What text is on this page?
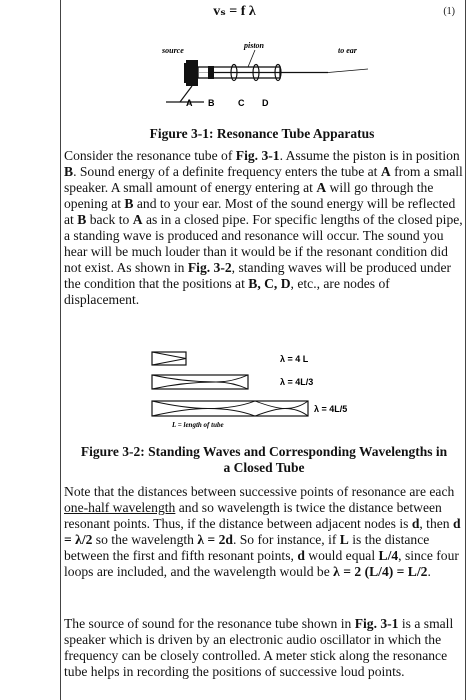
vₛ = f λ	(1)
source
piston
to ear
A B	C D
Figure 3-1: Resonance Tube Apparatus
Consider the resonance tube of Fig. 3-1. Assume the piston is in position B. Sound energy of a definite frequency enters the tube at A from a small speaker. A small amount of energy entering at A will go through the opening at B and to your ear. Most of the sound energy will be reflected at B back to A as in a closed pipe. For specific lengths of the closed pipe, a standing wave is produced and resonance will occur. The sound you hear will be much louder than it would be if the resonant condition did not exist. As shown in Fig. 3-2, standing waves will be produced under the condition that the positions at B, C, D, etc., are nodes of displacement.
λ = 4 L
λ = 4L/3
λ = 4L/5
L = length of tube
Figure 3-2: Standing Waves and Corresponding Wavelengths in
a Closed Tube
Note that the distances between successive points of resonance are each one-half wavelength and so wavelength is twice the distance between resonant points. Thus, if the distance between adjacent nodes is d, then d = λ/2 so the wavelength λ = 2d. So for instance, if L is the distance between the first and fifth resonant points, d would equal L/4, since four loops are included, and the wavelength would be λ = 2 (L/4) = L/2.
The source of sound for the resonance tube shown in Fig. 3-1 is a small speaker which is driven by an electronic audio oscillator in which the frequency can be closely controlled. A meter stick along the resonance tube helps in recording the positions of successive loud points.
